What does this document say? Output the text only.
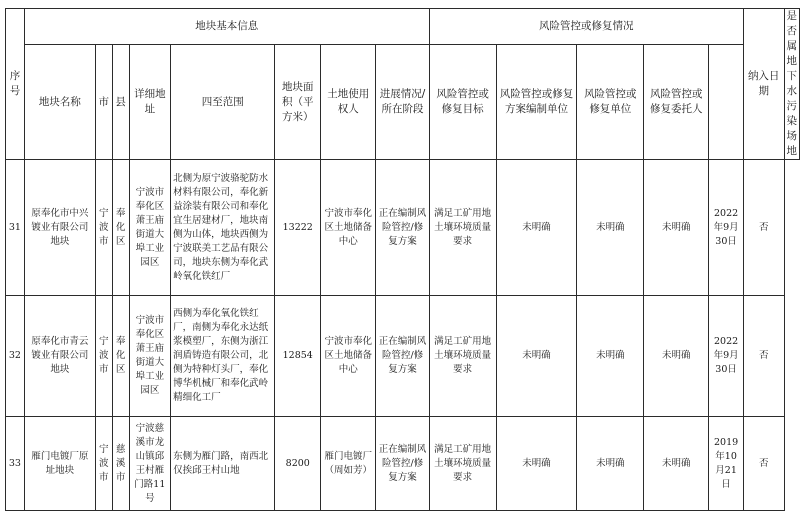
序号	地块基本信息								风险管控或修复情况					纳入日期	是否属地下水污染场地
	地块名称	市	县	详细地址	四至范围	地块面积（平方米）	土地使用权人	进展情况/所在阶段	风险管控或修复目标	风险管控或修复方案编制单位	风险管控或修复单位	风险管控或修复委托人			
31	原奉化市中兴镀业有限公司地块	宁波市	奉化区	宁波市奉化区萧王庙街道大埠工业园区	北侧为原宁波骆驼防水材料有限公司，奉化新益涂装有限公司和奉化宜生居建材厂，地块南侧为山体，地块西侧为宁波联美工艺品有限公司，地块东侧为奉化武岭氧化铁红厂	13222	宁波市奉化区土地储备中心	正在编制风险管控/修复方案	满足工矿用地土壤环境质量要求	未明确	未明确	未明确	2022年9月30日	否	
32	原奉化市青云镀业有限公司地块	宁波市	奉化区	宁波市奉化区萧王庙街道大埠工业园区	西侧为奉化氧化铁红厂，南侧为奉化永达纸浆模塑厂，东侧为浙江润盾铸造有限公司，北侧为特种灯头厂，奉化博华机械厂和奉化武岭精细化工厂	12854	宁波市奉化区土地储备中心	正在编制风险管控/修复方案	满足工矿用地土壤环境质量要求	未明确	未明确	未明确	2022年9月30日	否	
33	雁门电镀厂原址地块	宁波市	慈溪市	宁波慈溪市龙山镇邱王村雁门路11号	东侧为雁门路，南西北仅挨邱王村山地	8200	雁门电镀厂（周如芳）	正在编制风险管控/修复方案	满足工矿用地土壤环境质量要求	未明确	未明确	未明确	2019年10月21日	否	
